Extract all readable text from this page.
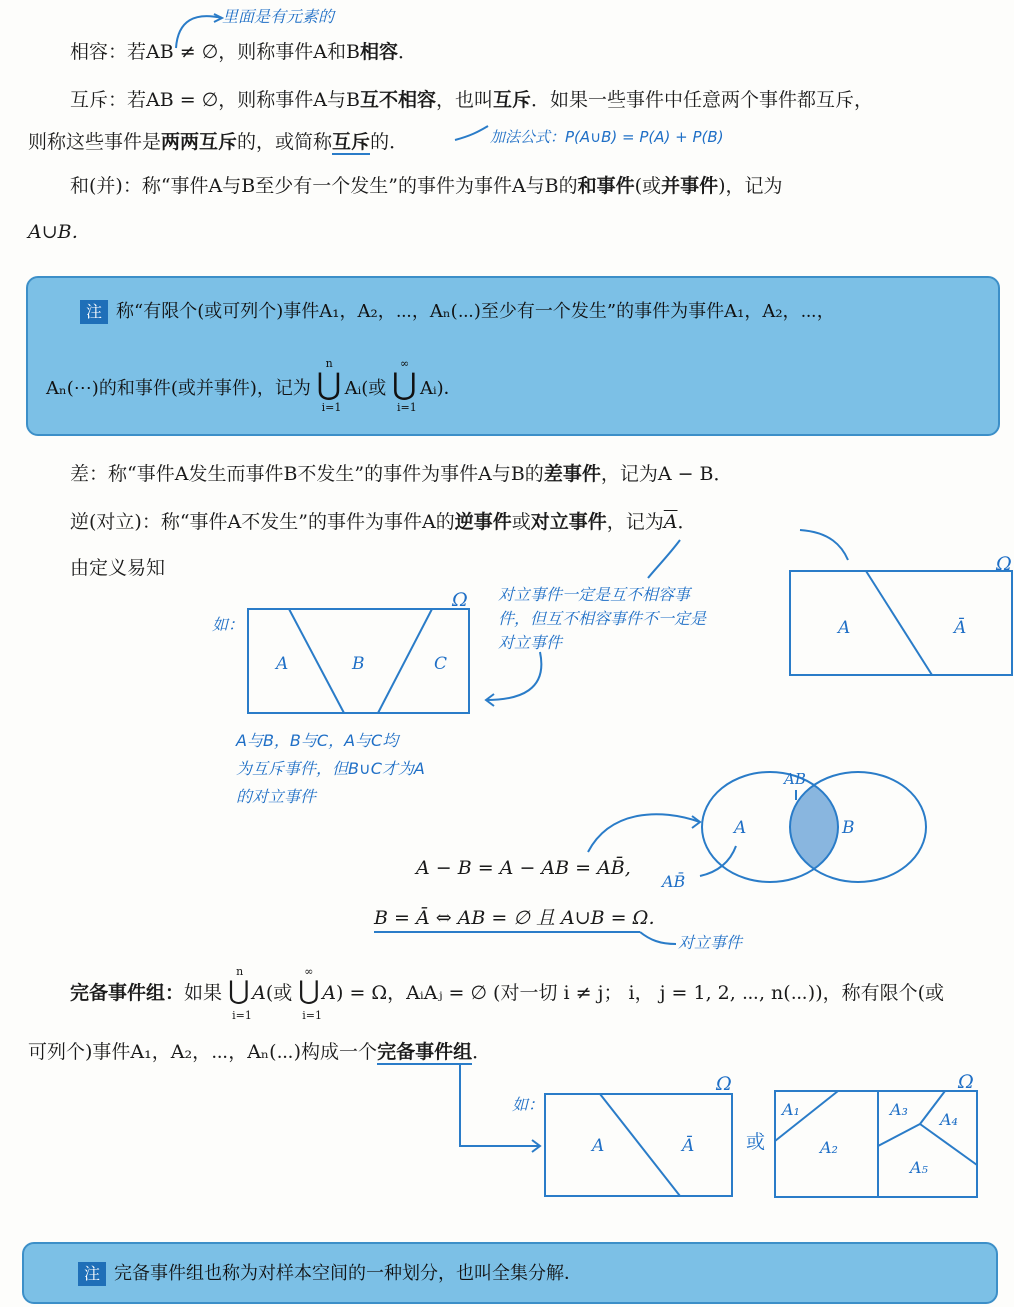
里面是有元素的
相容：若AB ≠ ∅，则称事件A和B相容．
互斥：若AB = ∅，则称事件A与B互不相容，也叫互斥．如果一些事件中任意两个事件都互斥，
则称这些事件是两两互斥的，或简称互斥的．	加法公式：P(A∪B) = P(A) + P(B)
和(并)：称“事件A与B至少有一个发生”的事件为事件A与B的和事件(或并事件)，记为
A∪B．
注 称“有限个(或可列个)事件A₁，A₂，⋯，Aₙ(⋯)至少有一个发生”的事件为事件A₁，A₂，⋯，
Aₙ(⋯)的和事件(或并事件)，记为
n
⋃
i=1
Aᵢ(或
∞
⋃
i=1
Aᵢ)．
差：称“事件A发生而事件B不发生”的事件为事件A与B的差事件，记为A − B．
逆(对立)：称“事件A不发生”的事件为事件A的逆事件或对立事件，记为$\overline{A}$．
由定义易知
对立事件一定是互不相容事
件，但互不相容事件不一定是
对立事件
如：
Ω
A	B	C
A与B，B与C，A与C均
为互斥事件，但B∪C才为A
的对立事件
Ω
A	Ā
AB
A	B
AB̄
A − B = A − AB = AB̄,
B = Ā ⇔ AB = ∅ 且 A∪B = Ω．
对立事件
完备事件组：如果
n
⋃
i=1
A(或
∞
⋃
i=1
A) = Ω，AᵢAⱼ = ∅ (对一切 i ≠ j； i， j = 1, 2, ⋯, n(⋯))，称有限个(或
可列个)事件A₁，A₂，⋯，Aₙ(⋯)构成一个完备事件组．
如：
Ω
A	Ā	或
Ω
A₁
A₂
A₃
A₄
A₅
注 完备事件组也称为对样本空间的一种划分，也叫全集分解．
